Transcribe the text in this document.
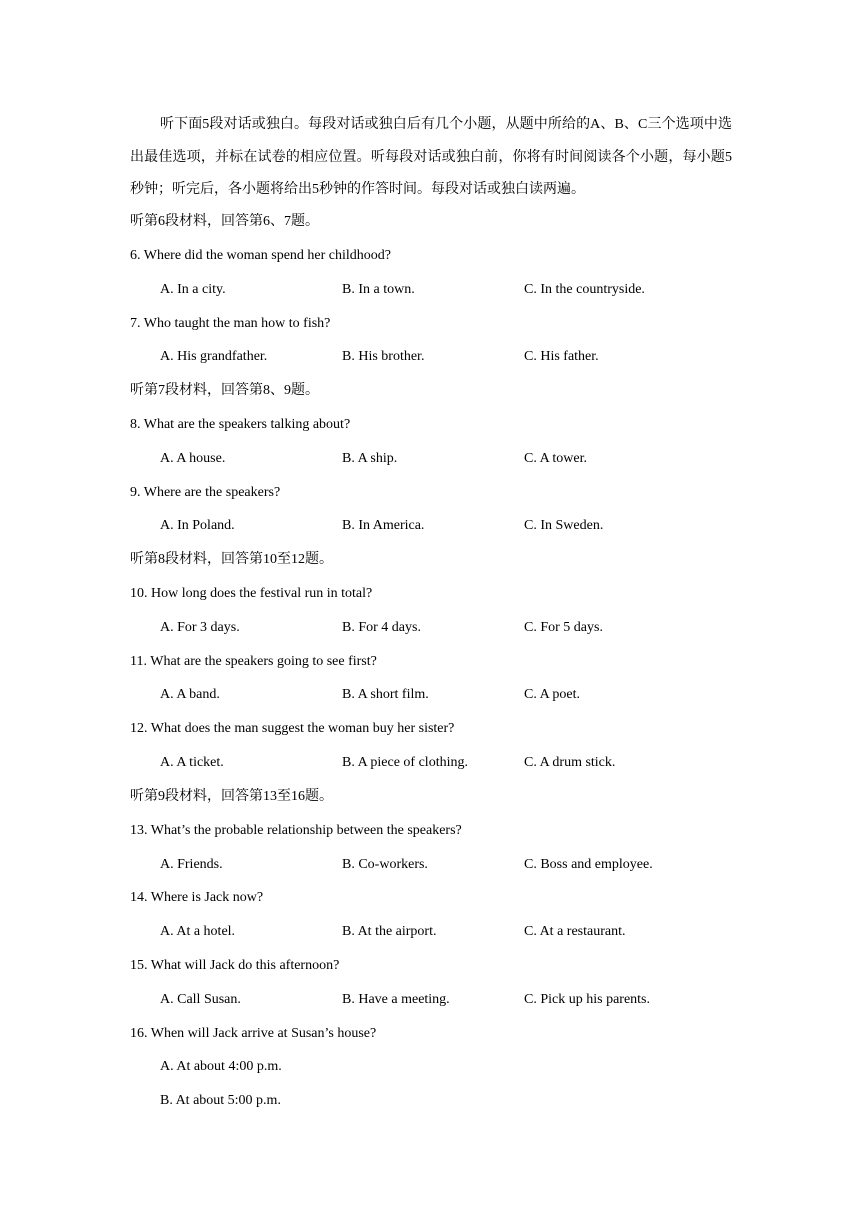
听下面5段对话或独白。每段对话或独白后有几个小题，从题中所给的A、B、C三个选项中选出最佳选项，并标在试卷的相应位置。听每段对话或独白前，你将有时间阅读各个小题，每小题5秒钟；听完后，各小题将给出5秒钟的作答时间。每段对话或独白读两遍。
听第6段材料，回答第6、7题。
6. Where did the woman spend her childhood?
A. In a city.	B. In a town.	C. In the countryside.
7. Who taught the man how to fish?
A. His grandfather.	B. His brother.	C. His father.
听第7段材料，回答第8、9题。
8. What are the speakers talking about?
A. A house.	B. A ship.	C. A tower.
9. Where are the speakers?
A. In Poland.	B. In America.	C. In Sweden.
听第8段材料，回答第10至12题。
10. How long does the festival run in total?
A. For 3 days.	B. For 4 days.	C. For 5 days.
11. What are the speakers going to see first?
A. A band.	B. A short film.	C. A poet.
12. What does the man suggest the woman buy her sister?
A. A ticket.	B. A piece of clothing.	C. A drum stick.
听第9段材料，回答第13至16题。
13. What’s the probable relationship between the speakers?
A. Friends.	B. Co-workers.	C. Boss and employee.
14. Where is Jack now?
A. At a hotel.	B. At the airport.	C. At a restaurant.
15. What will Jack do this afternoon?
A. Call Susan.	B. Have a meeting.	C. Pick up his parents.
16. When will Jack arrive at Susan’s house?
A. At about 4:00 p.m.
B. At about 5:00 p.m.
